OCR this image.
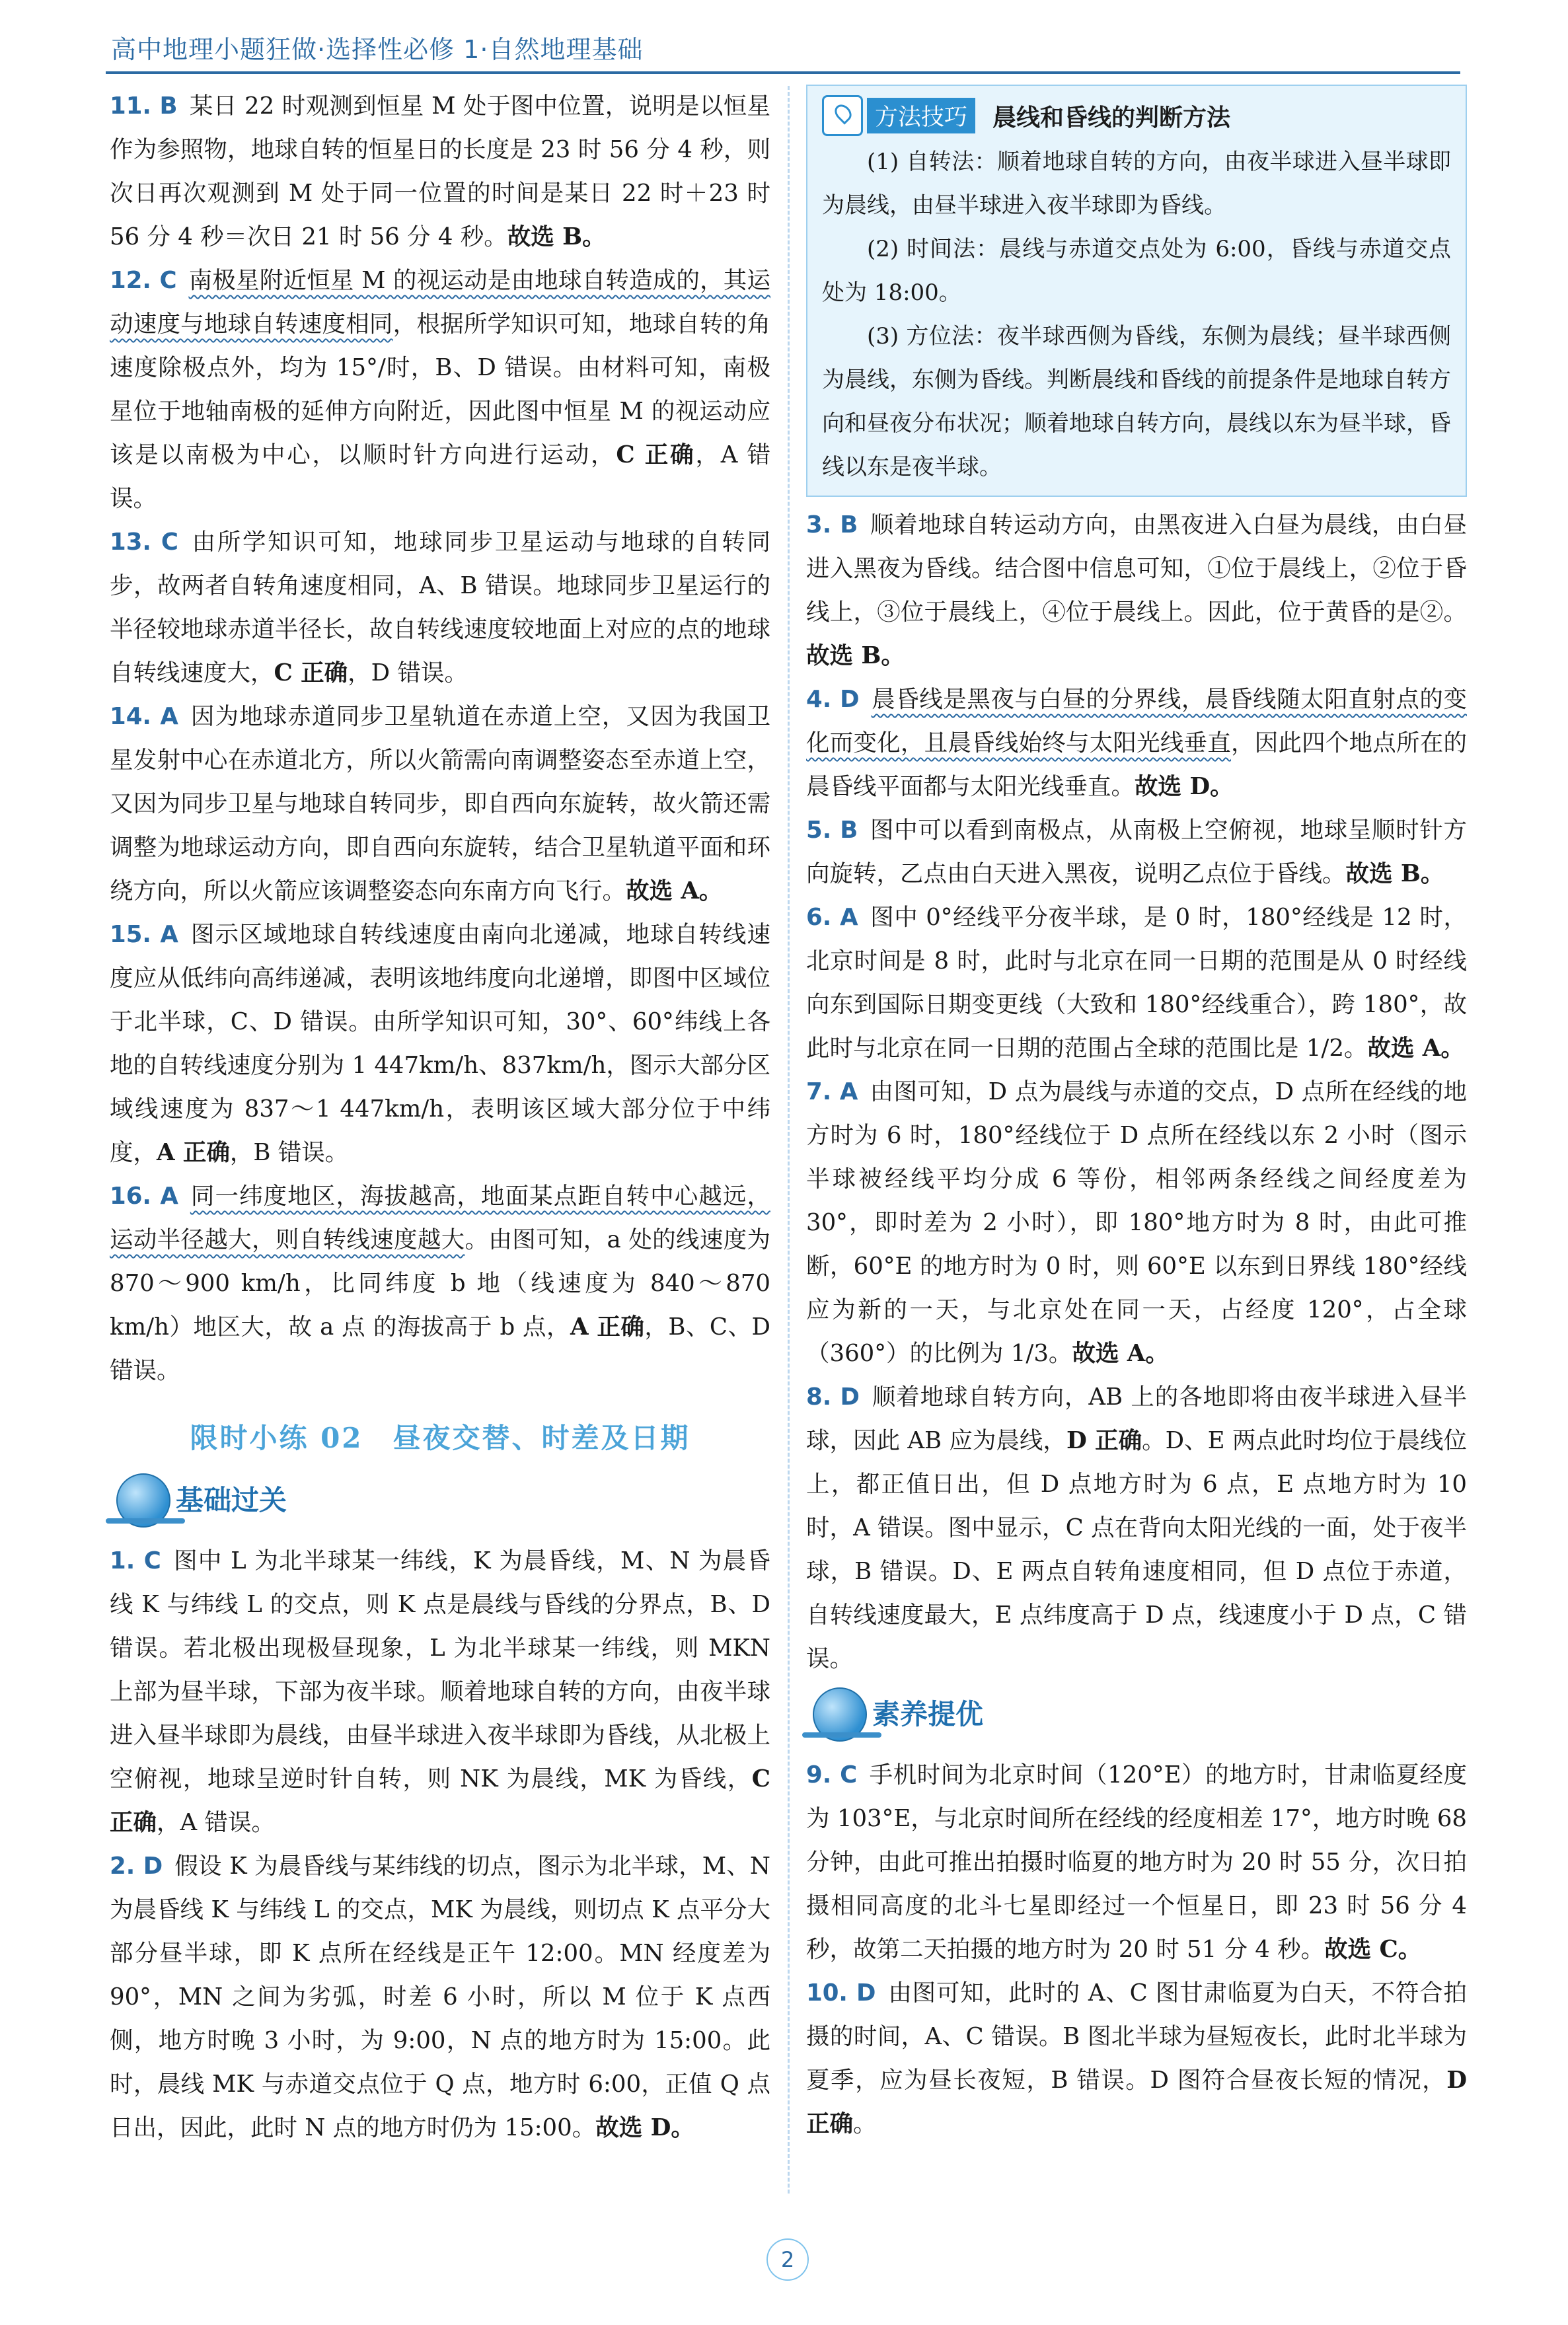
高中地理小题狂做·选择性必修 1·自然地理基础

11. B 某日 22 时观测到恒星 M 处于图中位置，说明是以恒星作为参照物，地球自转的恒星日的长度是 23 时 56 分 4 秒，则次日再次观测到 M 处于同一位置的时间是某日 22 时＋23 时 56 分 4 秒＝次日 21 时 56 分 4 秒。故选 B。

12. C 南极星附近恒星 M 的视运动是由地球自转造成的，其运动速度与地球自转速度相同，根据所学知识可知，地球自转的角速度除极点外，均为 15°/时，B、D 错误。由材料可知，南极星位于地轴南极的延伸方向附近，因此图中恒星 M 的视运动应该是以南极为中心，以顺时针方向进行运动，C 正确，A 错误。

13. C 由所学知识可知，地球同步卫星运动与地球的自转同步，故两者自转角速度相同，A、B 错误。地球同步卫星运行的半径较地球赤道半径长，故自转线速度较地面上对应的点的地球自转线速度大，C 正确，D 错误。

14. A 因为地球赤道同步卫星轨道在赤道上空，又因为我国卫星发射中心在赤道北方，所以火箭需向南调整姿态至赤道上空，又因为同步卫星与地球自转同步，即自西向东旋转，故火箭还需调整为地球运动方向，即自西向东旋转，结合卫星轨道平面和环绕方向，所以火箭应该调整姿态向东南方向飞行。故选 A。

15. A 图示区域地球自转线速度由南向北递减，地球自转线速度应从低纬向高纬递减，表明该地纬度向北递增，即图中区域位于北半球，C、D 错误。由所学知识可知，30°、60°纬线上各地的自转线速度分别为 1 447km/h、837km/h，图示大部分区域线速度为 837～1 447km/h，表明该区域大部分位于中纬度，A 正确，B 错误。

16. A 同一纬度地区，海拔越高，地面某点距自转中心越远，运动半径越大，则自转线速度越大。由图可知，a 处的线速度为 870～900 km/h，比同纬度 b 地（线速度为 840～870 km/h）地区大，故 a 点 的海拔高于 b 点，A 正确，B、C、D 错误。

限时小练 02　昼夜交替、时差及日期
基础过关

1. C 图中 L 为北半球某一纬线，K 为晨昏线，M、N 为晨昏线 K 与纬线 L 的交点，则 K 点是晨线与昏线的分界点，B、D 错误。若北极出现极昼现象，L 为北半球某一纬线，则 MKN 上部为昼半球，下部为夜半球。顺着地球自转的方向，由夜半球进入昼半球即为晨线，由昼半球进入夜半球即为昏线，从北极上空俯视，地球呈逆时针自转，则 NK 为晨线，MK 为昏线，C 正确，A 错误。

2. D 假设 K 为晨昏线与某纬线的切点，图示为北半球，M、N 为晨昏线 K 与纬线 L 的交点，MK 为晨线，则切点 K 点平分大部分昼半球，即 K 点所在经线是正午 12:00。MN 经度差为 90°，MN 之间为劣弧，时差 6 小时，所以 M 位于 K 点西侧，地方时晚 3 小时，为 9:00，N 点的地方时为 15:00。此时，晨线 MK 与赤道交点位于 Q 点，地方时 6:00，正值 Q 点日出，因此，此时 N 点的地方时仍为 15:00。故选 D。

方法技巧	晨线和昏线的判断方法

(1) 自转法：顺着地球自转的方向，由夜半球进入昼半球即为晨线，由昼半球进入夜半球即为昏线。

(2) 时间法：晨线与赤道交点处为 6:00，昏线与赤道交点处为 18:00。

(3) 方位法：夜半球西侧为昏线，东侧为晨线；昼半球西侧为晨线，东侧为昏线。判断晨线和昏线的前提条件是地球自转方向和昼夜分布状况；顺着地球自转方向，晨线以东为昼半球，昏线以东是夜半球。

3. B 顺着地球自转运动方向，由黑夜进入白昼为晨线，由白昼进入黑夜为昏线。结合图中信息可知，①位于晨线上，②位于昏线上，③位于晨线上，④位于晨线上。因此，位于黄昏的是②。故选 B。

4. D 晨昏线是黑夜与白昼的分界线，晨昏线随太阳直射点的变化而变化，且晨昏线始终与太阳光线垂直，因此四个地点所在的晨昏线平面都与太阳光线垂直。故选 D。

5. B 图中可以看到南极点，从南极上空俯视，地球呈顺时针方向旋转，乙点由白天进入黑夜，说明乙点位于昏线。故选 B。

6. A 图中 0°经线平分夜半球，是 0 时，180°经线是 12 时，北京时间是 8 时，此时与北京在同一日期的范围是从 0 时经线向东到国际日期变更线（大致和 180°经线重合），跨 180°，故此时与北京在同一日期的范围占全球的范围比是 1/2。故选 A。

7. A 由图可知，D 点为晨线与赤道的交点，D 点所在经线的地方时为 6 时，180°经线位于 D 点所在经线以东 2 小时（图示半球被经线平均分成 6 等份，相邻两条经线之间经度差为 30°，即时差为 2 小时），即 180°地方时为 8 时，由此可推断，60°E 的地方时为 0 时，则 60°E 以东到日界线 180°经线应为新的一天，与北京处在同一天，占经度 120°，占全球（360°）的比例为 1/3。故选 A。

8. D 顺着地球自转方向，AB 上的各地即将由夜半球进入昼半球，因此 AB 应为晨线，D 正确。D、E 两点此时均位于晨线位上，都正值日出，但 D 点地方时为 6 点，E 点地方时为 10 时，A 错误。图中显示，C 点在背向太阳光线的一面，处于夜半球，B 错误。D、E 两点自转角速度相同，但 D 点位于赤道，自转线速度最大，E 点纬度高于 D 点，线速度小于 D 点，C 错误。

素养提优

9. C 手机时间为北京时间（120°E）的地方时，甘肃临夏经度为 103°E，与北京时间所在经线的经度相差 17°，地方时晚 68 分钟，由此可推出拍摄时临夏的地方时为 20 时 55 分，次日拍摄相同高度的北斗七星即经过一个恒星日，即 23 时 56 分 4 秒，故第二天拍摄的地方时为 20 时 51 分 4 秒。故选 C。

10. D 由图可知，此时的 A、C 图甘肃临夏为白天，不符合拍摄的时间，A、C 错误。B 图北半球为昼短夜长，此时北半球为夏季，应为昼长夜短，B 错误。D 图符合昼夜长短的情况，D 正确。

2
